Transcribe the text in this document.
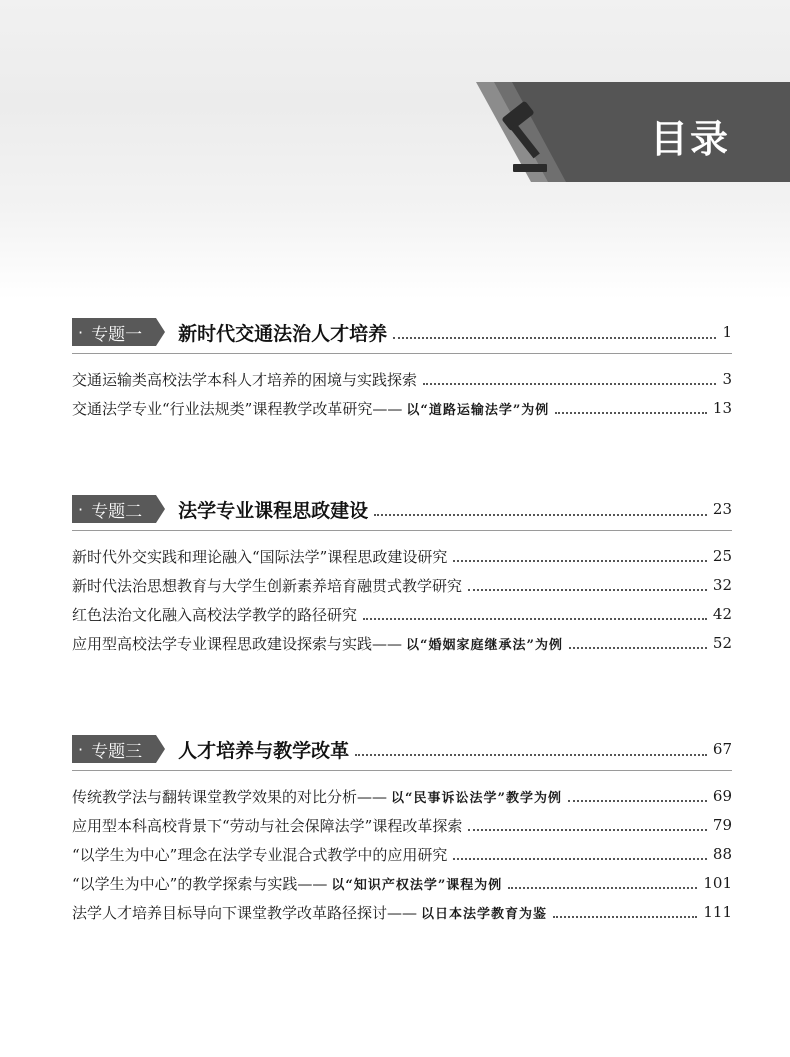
目录
· 专题一 新时代交通法治人才培养	1
交通运输类高校法学本科人才培养的困境与实践探索	3
交通法学专业“行业法规类”课程教学改革研究—— 以“道路运输法学”为例	13
· 专题二 法学专业课程思政建设	23
新时代外交实践和理论融入“国际法学”课程思政建设研究	25
新时代法治思想教育与大学生创新素养培育融贯式教学研究	32
红色法治文化融入高校法学教学的路径研究	42
应用型高校法学专业课程思政建设探索与实践—— 以“婚姻家庭继承法”为例	52
· 专题三 人才培养与教学改革	67
传统教学法与翻转课堂教学效果的对比分析—— 以“民事诉讼法学”教学为例	69
应用型本科高校背景下“劳动与社会保障法学”课程改革探索	79
“以学生为中心”理念在法学专业混合式教学中的应用研究	88
“以学生为中心”的教学探索与实践—— 以“知识产权法学”课程为例	101
法学人才培养目标导向下课堂教学改革路径探讨—— 以日本法学教育为鉴	111
